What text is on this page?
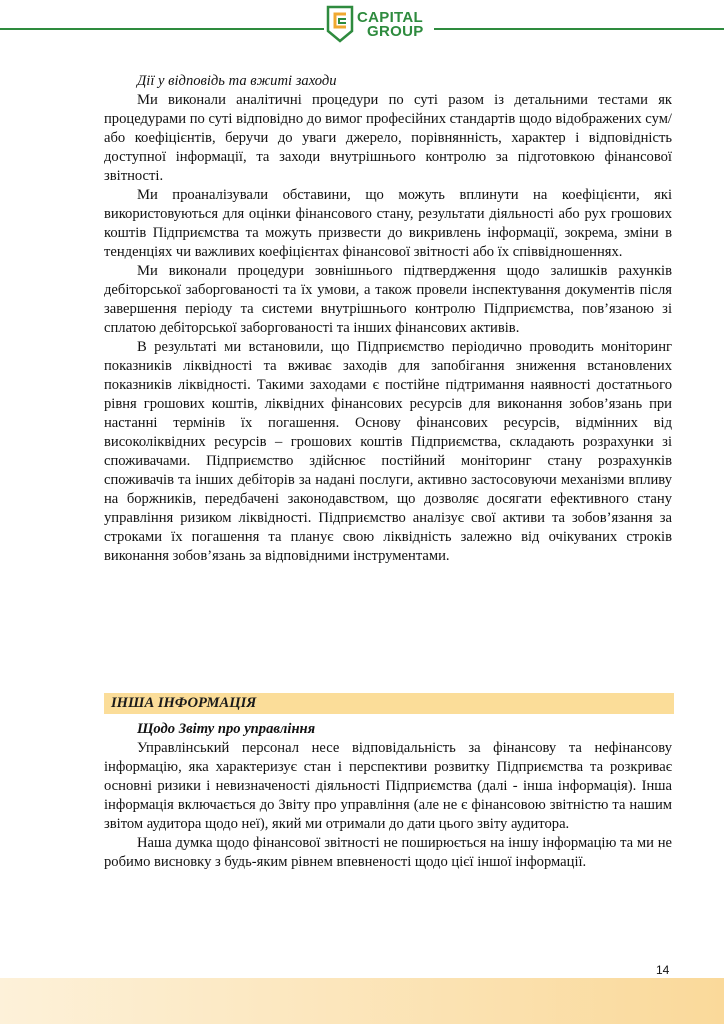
CAPITAL
GROUP

Дії у відповідь та вжиті заходи

Ми виконали аналітичні процедури по суті разом із детальними тестами як процедурами по суті відповідно до вимог професійних стандартів щодо відображених сум/або коефіцієнтів, беручи до уваги джерело, порівнянність, характер і відповідність доступної інформації, та заходи внутрішнього контролю за підготовкою фінансової звітності.

Ми проаналізували обставини, що можуть вплинути на коефіцієнти, які використовуються для оцінки фінансового стану, результати діяльності або рух грошових коштів Підприємства та можуть призвести до викривлень інформації, зокрема, зміни в тенденціях чи важливих коефіцієнтах фінансової звітності або їх співвідношеннях.

Ми виконали процедури зовнішнього підтвердження щодо залишків рахунків дебіторської заборгованості та їх умови, а також провели інспектування документів після завершення періоду та системи внутрішнього контролю Підприємства, пов’язаною зі сплатою дебіторської заборгованості та інших фінансових активів.

В результаті ми встановили, що Підприємство періодично проводить моніторинг показників ліквідності та вживає заходів для запобігання зниження встановлених показників ліквідності. Такими заходами є постійне підтримання наявності достатнього рівня грошових коштів, ліквідних фінансових ресурсів для виконання зобов’язань при настанні термінів їх погашення. Основу фінансових ресурсів, відмінних від високоліквідних ресурсів – грошових коштів Підприємства, складають розрахунки зі споживачами. Підприємство здійснює постійний моніторинг стану розрахунків споживачів та інших дебіторів за надані послуги, активно застосовуючи механізми впливу на боржників, передбачені законодавством, що дозволяє досягати ефективного стану управління ризиком ліквідності. Підприємство аналізує свої активи та зобов’язання за строками їх погашення та планує свою ліквідність залежно від очікуваних строків виконання зобов’язань за відповідними інструментами.

ІНША ІНФОРМАЦІЯ

Щодо Звіту про управління

Управлінський персонал несе відповідальність за фінансову та нефінансову інформацію, яка характеризує стан і перспективи розвитку Підприємства та розкриває основні ризики і невизначеності діяльності Підприємства (далі - інша інформація). Інша інформація включається до Звіту про управління (але не є фінансовою звітністю та нашим звітом аудитора щодо неї), який ми отримали до дати цього звіту аудитора.

Наша думка щодо фінансової звітності не поширюється на іншу інформацію та ми не робимо висновку з будь-яким рівнем впевненості щодо цієї іншої інформації.

14
